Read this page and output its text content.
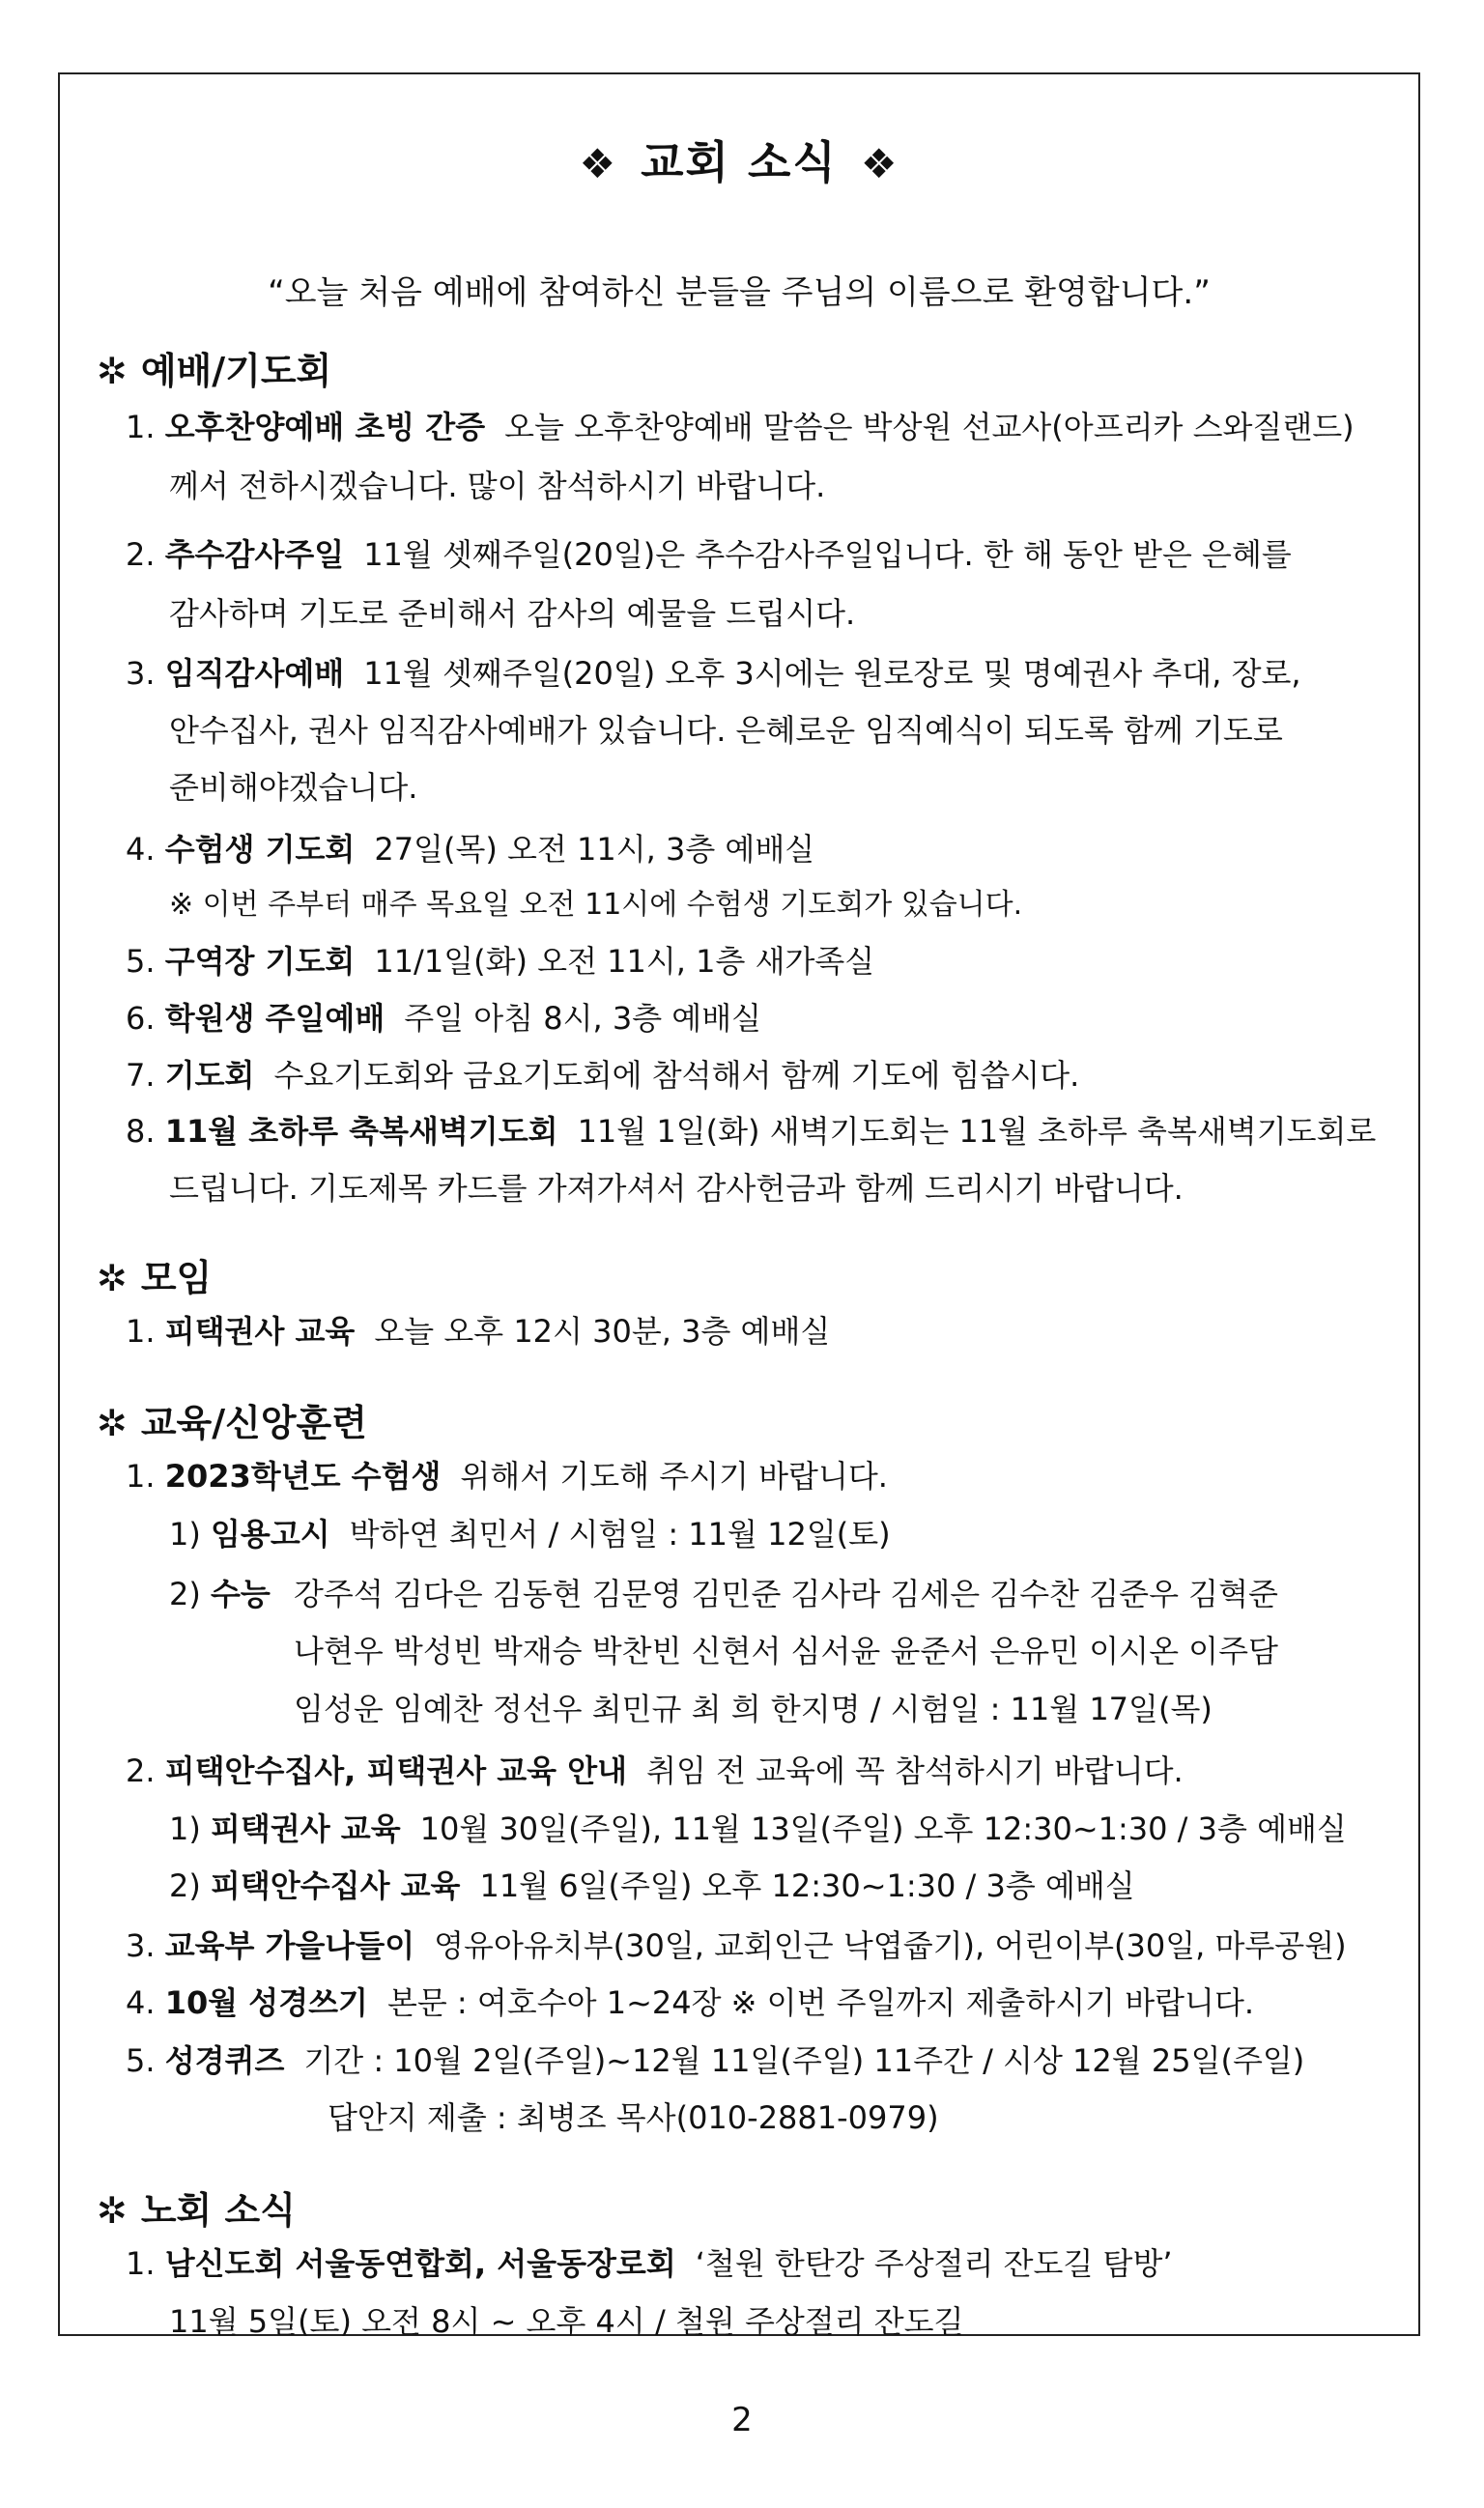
❖ 교회 소식 ❖
“오늘 처음 예배에 참여하신 분들을 주님의 이름으로 환영합니다.”
✲ 예배/기도회
1. 오후찬양예배 초빙 간증 오늘 오후찬양예배 말씀은 박상원 선교사(아프리카 스와질랜드)
께서 전하시겠습니다. 많이 참석하시기 바랍니다.
2. 추수감사주일 11월 셋째주일(20일)은 추수감사주일입니다. 한 해 동안 받은 은혜를
감사하며 기도로 준비해서 감사의 예물을 드립시다.
3. 임직감사예배 11월 셋째주일(20일) 오후 3시에는 원로장로 및 명예권사 추대, 장로,
안수집사, 권사 임직감사예배가 있습니다. 은혜로운 임직예식이 되도록 함께 기도로
준비해야겠습니다.
4. 수험생 기도회 27일(목) 오전 11시, 3층 예배실
※ 이번 주부터 매주 목요일 오전 11시에 수험생 기도회가 있습니다.
5. 구역장 기도회 11/1일(화) 오전 11시, 1층 새가족실
6. 학원생 주일예배 주일 아침 8시, 3층 예배실
7. 기도회 수요기도회와 금요기도회에 참석해서 함께 기도에 힘씁시다.
8. 11월 초하루 축복새벽기도회 11월 1일(화) 새벽기도회는 11월 초하루 축복새벽기도회로
드립니다. 기도제목 카드를 가져가셔서 감사헌금과 함께 드리시기 바랍니다.
✲ 모임
1. 피택권사 교육 오늘 오후 12시 30분, 3층 예배실
✲ 교육/신앙훈련
1. 2023학년도 수험생 위해서 기도해 주시기 바랍니다.
1) 임용고시 박하연 최민서 / 시험일 : 11월 12일(토)
2) 수능 강주석 김다은 김동현 김문영 김민준 김사라 김세은 김수찬 김준우 김혁준
나현우 박성빈 박재승 박찬빈 신현서 심서윤 윤준서 은유민 이시온 이주담
임성운 임예찬 정선우 최민규 최 희 한지명 / 시험일 : 11월 17일(목)
2. 피택안수집사, 피택권사 교육 안내 취임 전 교육에 꼭 참석하시기 바랍니다.
1) 피택권사 교육 10월 30일(주일), 11월 13일(주일) 오후 12:30~1:30 / 3층 예배실
2) 피택안수집사 교육 11월 6일(주일) 오후 12:30~1:30 / 3층 예배실
3. 교육부 가을나들이 영유아유치부(30일, 교회인근 낙엽줍기), 어린이부(30일, 마루공원)
4. 10월 성경쓰기 본문 : 여호수아 1~24장 ※ 이번 주일까지 제출하시기 바랍니다.
5. 성경퀴즈 기간 : 10월 2일(주일)~12월 11일(주일) 11주간 / 시상 12월 25일(주일)
답안지 제출 : 최병조 목사(010-2881-0979)
✲ 노회 소식
1. 남신도회 서울동연합회, 서울동장로회 ‘철원 한탄강 주상절리 잔도길 탐방’
11월 5일(토) 오전 8시 ~ 오후 4시 / 철원 주상절리 잔도길
2
